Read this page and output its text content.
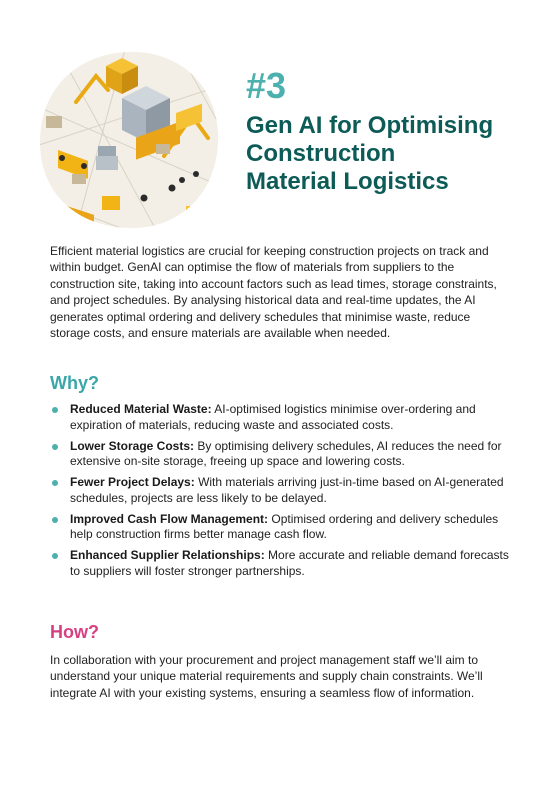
#3

Gen AI for Optimising
Construction
Material Logistics

Efficient material logistics are crucial for keeping construction projects on track and within budget. GenAI can optimise the flow of materials from suppliers to the construction site, taking into account factors such as lead times, storage constraints, and project schedules. By analysing historical data and real-time updates, the AI generates optimal ordering and delivery schedules that minimise waste, reduce storage costs, and ensure materials are available when needed.

Why?
Reduced Material Waste: AI-optimised logistics minimise over-ordering and expiration of materials, reducing waste and associated costs.
Lower Storage Costs: By optimising delivery schedules, AI reduces the need for extensive on-site storage, freeing up space and lowering costs.
Fewer Project Delays: With materials arriving just-in-time based on AI-generated schedules, projects are less likely to be delayed.
Improved Cash Flow Management: Optimised ordering and delivery schedules help construction firms better manage cash flow.
Enhanced Supplier Relationships: More accurate and reliable demand forecasts to suppliers will foster stronger partnerships.
How?

In collaboration with your procurement and project management staff we’ll aim to understand your unique material requirements and supply chain constraints. We’ll integrate AI with your existing systems, ensuring a seamless flow of information.
